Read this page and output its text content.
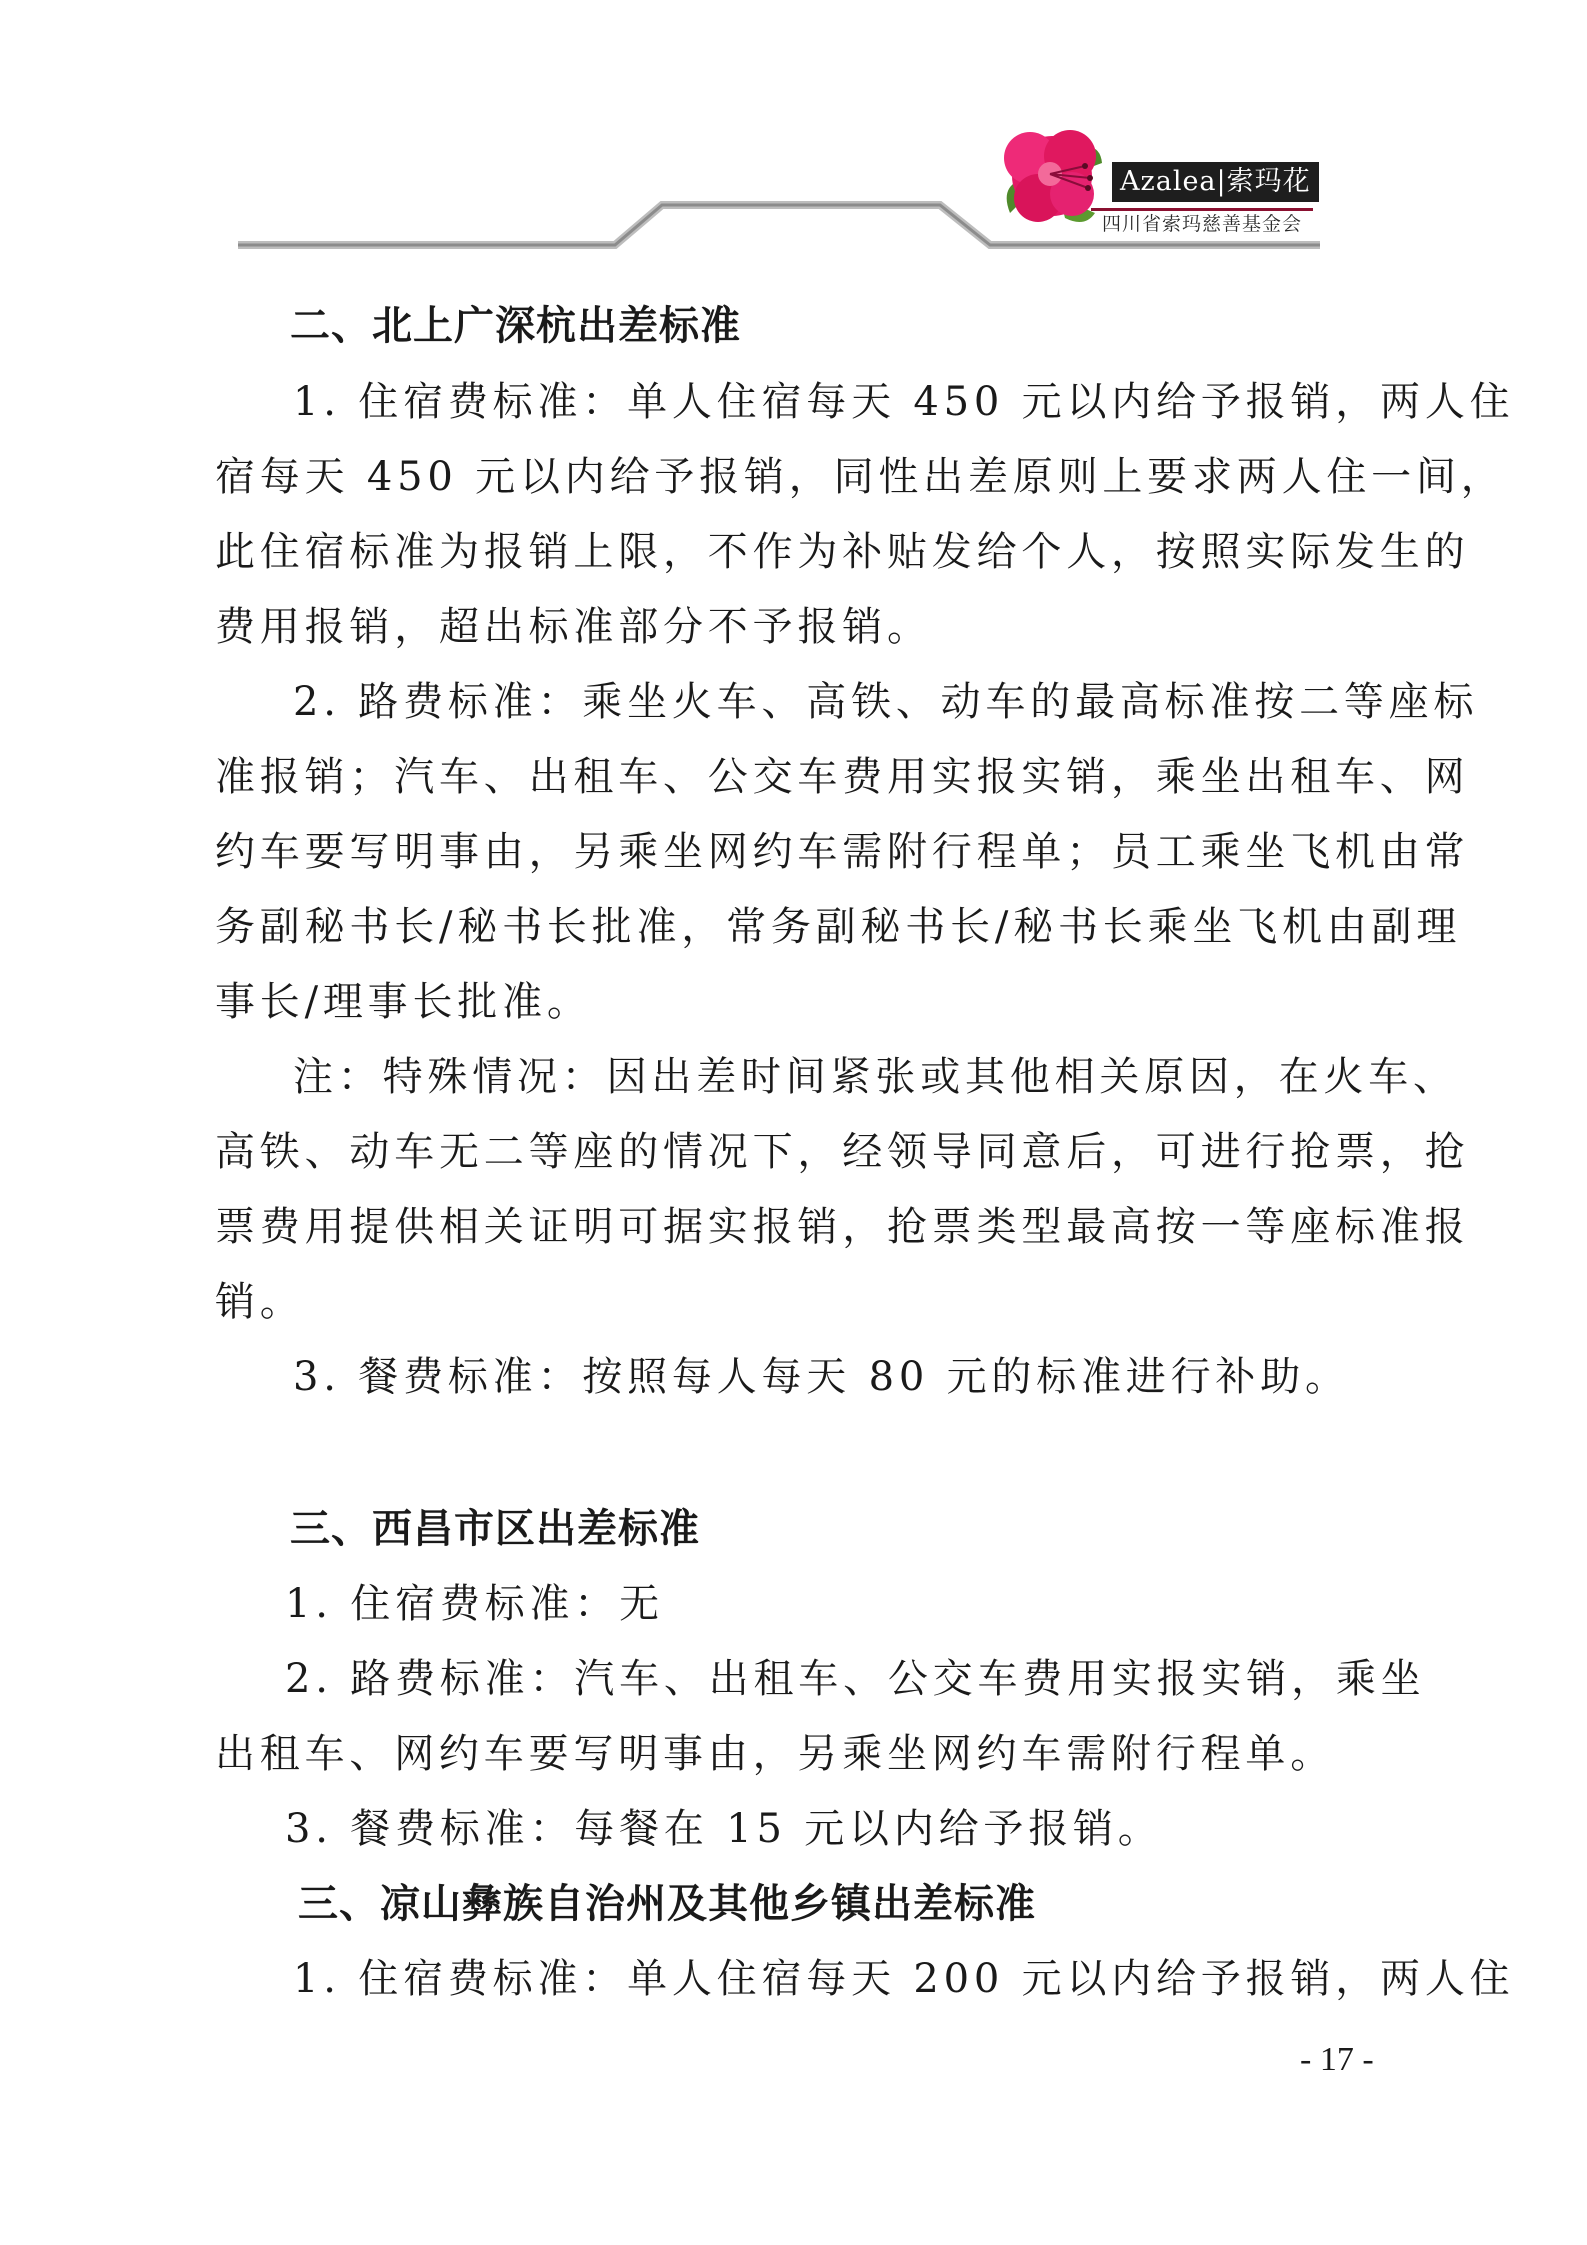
Azalea|索玛花
四川省索玛慈善基金会
二、北上广深杭出差标准
1. 住宿费标准：单人住宿每天 450 元以内给予报销，两人住
宿每天 450 元以内给予报销，同性出差原则上要求两人住一间，
此住宿标准为报销上限，不作为补贴发给个人，按照实际发生的
费用报销，超出标准部分不予报销。
2. 路费标准：乘坐火车、高铁、动车的最高标准按二等座标
准报销；汽车、出租车、公交车费用实报实销，乘坐出租车、网
约车要写明事由，另乘坐网约车需附行程单；员工乘坐飞机由常
务副秘书长/秘书长批准，常务副秘书长/秘书长乘坐飞机由副理
事长/理事长批准。
注：特殊情况：因出差时间紧张或其他相关原因，在火车、
高铁、动车无二等座的情况下，经领导同意后，可进行抢票，抢
票费用提供相关证明可据实报销，抢票类型最高按一等座标准报
销。
3. 餐费标准：按照每人每天 80 元的标准进行补助。
三、西昌市区出差标准
1. 住宿费标准：无
2. 路费标准：汽车、出租车、公交车费用实报实销，乘坐
出租车、网约车要写明事由，另乘坐网约车需附行程单。
3. 餐费标准：每餐在 15 元以内给予报销。
三、凉山彝族自治州及其他乡镇出差标准
1. 住宿费标准：单人住宿每天 200 元以内给予报销，两人住
- 17 -
